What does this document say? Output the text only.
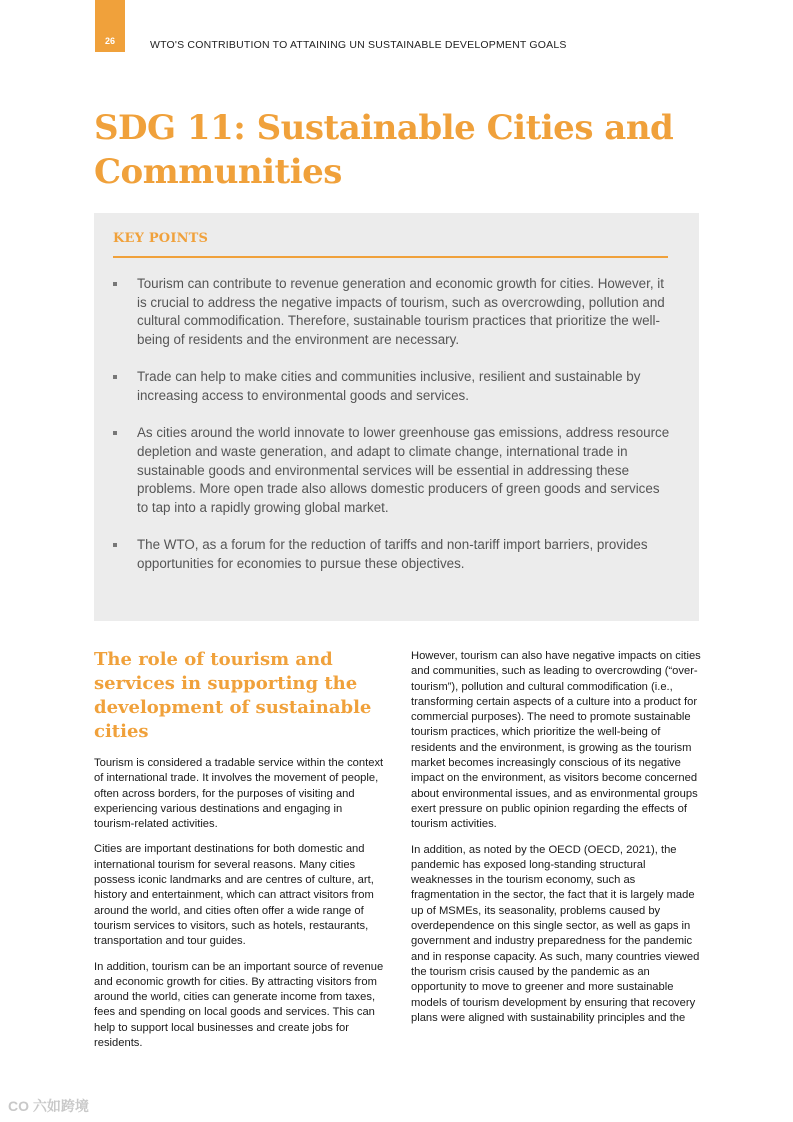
26	WTO'S CONTRIBUTION TO ATTAINING UN SUSTAINABLE DEVELOPMENT GOALS
SDG 11: Sustainable Cities and Communities
KEY POINTS
Tourism can contribute to revenue generation and economic growth for cities. However, it is crucial to address the negative impacts of tourism, such as overcrowding, pollution and cultural commodification. Therefore, sustainable tourism practices that prioritize the well-being of residents and the environment are necessary.
Trade can help to make cities and communities inclusive, resilient and sustainable by increasing access to environmental goods and services.
As cities around the world innovate to lower greenhouse gas emissions, address resource depletion and waste generation, and adapt to climate change, international trade in sustainable goods and environmental services will be essential in addressing these problems. More open trade also allows domestic producers of green goods and services to tap into a rapidly growing global market.
The WTO, as a forum for the reduction of tariffs and non-tariff import barriers, provides opportunities for economies to pursue these objectives.
The role of tourism and services in supporting the development of sustainable cities

Tourism is considered a tradable service within the context of international trade. It involves the movement of people, often across borders, for the purposes of visiting and experiencing various destinations and engaging in tourism-related activities.

Cities are important destinations for both domestic and international tourism for several reasons. Many cities possess iconic landmarks and are centres of culture, art, history and entertainment, which can attract visitors from around the world, and cities often offer a wide range of tourism services to visitors, such as hotels, restaurants, transportation and tour guides.

In addition, tourism can be an important source of revenue and economic growth for cities. By attracting visitors from around the world, cities can generate income from taxes, fees and spending on local goods and services. This can help to support local businesses and create jobs for residents.

However, tourism can also have negative impacts on cities and communities, such as leading to overcrowding (“over-tourism”), pollution and cultural commodification (i.e., transforming certain aspects of a culture into a product for commercial purposes). The need to promote sustainable tourism practices, which prioritize the well-being of residents and the environment, is growing as the tourism market becomes increasingly conscious of its negative impact on the environment, as visitors become concerned about environmental issues, and as environmental groups exert pressure on public opinion regarding the effects of tourism activities.

In addition, as noted by the OECD (OECD, 2021), the pandemic has exposed long-standing structural weaknesses in the tourism economy, such as fragmentation in the sector, the fact that it is largely made up of MSMEs, its seasonality, problems caused by overdependence on this single sector, as well as gaps in government and industry preparedness for the pandemic and in response capacity. As such, many countries viewed the tourism crisis caused by the pandemic as an opportunity to move to greener and more sustainable models of tourism development by ensuring that recovery plans were aligned with sustainability principles and the

CO 六如跨境
